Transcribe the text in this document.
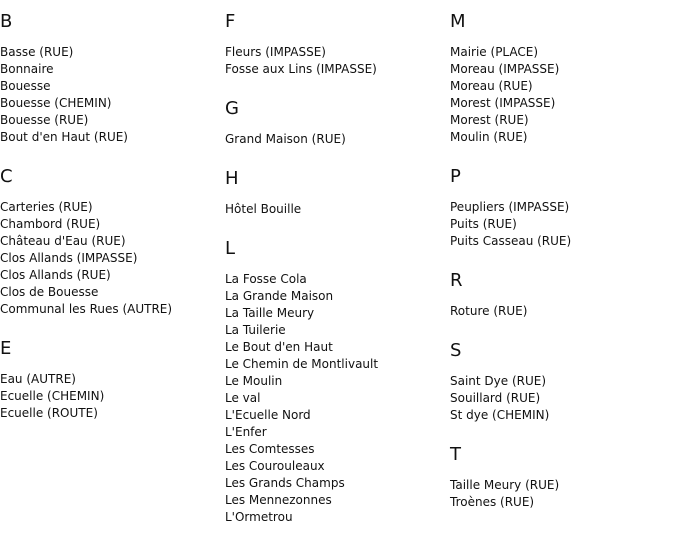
B
Basse (RUE)
Bonnaire
Bouesse
Bouesse (CHEMIN)
Bouesse (RUE)
Bout d'en Haut (RUE)
C
Carteries (RUE)
Chambord (RUE)
Château d'Eau (RUE)
Clos Allands (IMPASSE)
Clos Allands (RUE)
Clos de Bouesse
Communal les Rues (AUTRE)
E
Eau (AUTRE)
Ecuelle (CHEMIN)
Ecuelle (ROUTE)
F
Fleurs (IMPASSE)
Fosse aux Lins (IMPASSE)
G
Grand Maison (RUE)
H
Hôtel Bouille
L
La Fosse Cola
La Grande Maison
La Taille Meury
La Tuilerie
Le Bout d'en Haut
Le Chemin de Montlivault
Le Moulin
Le val
L'Ecuelle Nord
L'Enfer
Les Comtesses
Les Courouleaux
Les Grands Champs
Les Mennezonnes
L'Ormetrou
M
Mairie (PLACE)
Moreau (IMPASSE)
Moreau (RUE)
Morest (IMPASSE)
Morest (RUE)
Moulin (RUE)
P
Peupliers (IMPASSE)
Puits (RUE)
Puits Casseau (RUE)
R
Roture (RUE)
S
Saint Dye (RUE)
Souillard (RUE)
St dye (CHEMIN)
T
Taille Meury (RUE)
Troènes (RUE)
